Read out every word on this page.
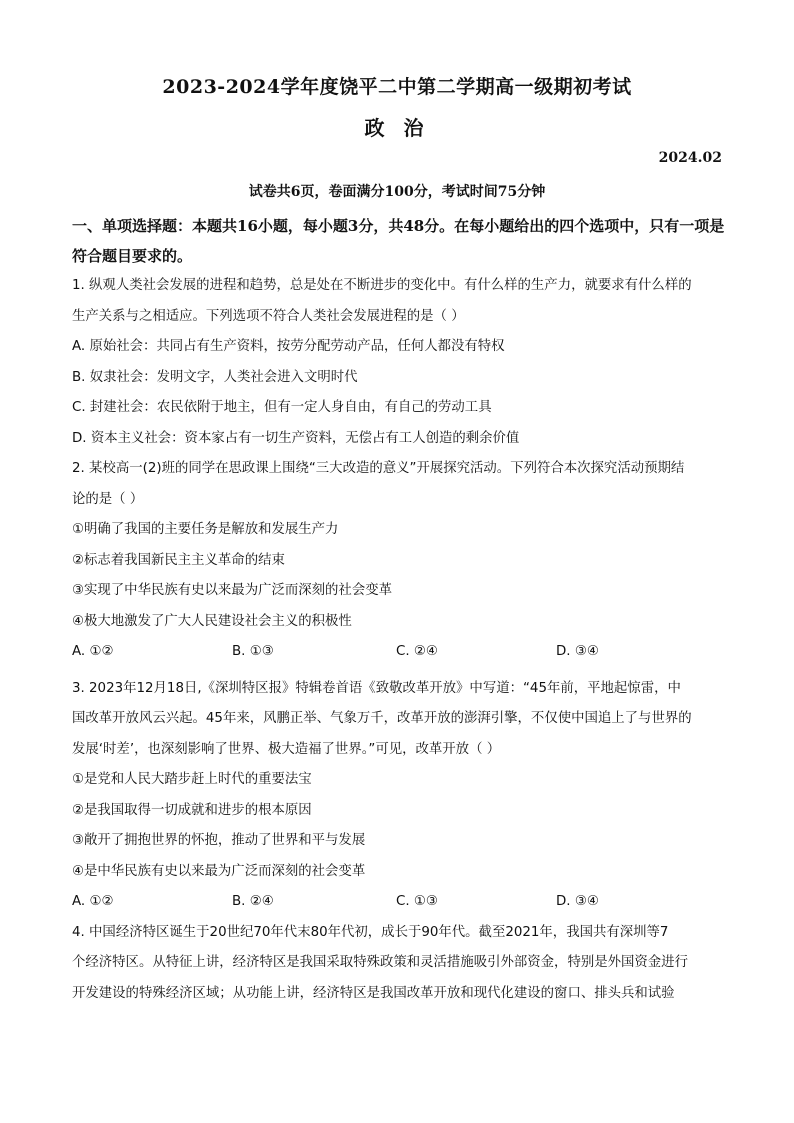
2023-2024学年度饶平二中第二学期高一级期初考试
政 治
2024.02
试卷共6页，卷面满分100分，考试时间75分钟
一、单项选择题：本题共16小题，每小题3分，共48分。在每小题给出的四个选项中，只有一项是符合题目要求的。
1. 纵观人类社会发展的进程和趋势，总是处在不断进步的变化中。有什么样的生产力，就要求有什么样的
生产关系与之相适应。下列选项不符合人类社会发展进程的是（ ）
A. 原始社会：共同占有生产资料，按劳分配劳动产品，任何人都没有特权
B. 奴隶社会：发明文字，人类社会进入文明时代
C. 封建社会：农民依附于地主，但有一定人身自由，有自己的劳动工具
D. 资本主义社会：资本家占有一切生产资料，无偿占有工人创造的剩余价值
2. 某校高一(2)班的同学在思政课上围绕“三大改造的意义”开展探究活动。下列符合本次探究活动预期结
论的是（ ）
①明确了我国的主要任务是解放和发展生产力
②标志着我国新民主主义革命的结束
③实现了中华民族有史以来最为广泛而深刻的社会变革
④极大地激发了广大人民建设社会主义的积极性
A. ①②	B. ①③	C. ②④	D. ③④
3. 2023年12月18日,《深圳特区报》特辑卷首语《致敬改革开放》中写道：“45年前，平地起惊雷，中
国改革开放风云兴起。45年来，风鹏正举、气象万千，改革开放的澎湃引擎，不仅使中国追上了与世界的
发展‘时差’，也深刻影响了世界、极大造福了世界。”可见，改革开放（ ）
①是党和人民大踏步赶上时代的重要法宝
②是我国取得一切成就和进步的根本原因
③敞开了拥抱世界的怀抱，推动了世界和平与发展
④是中华民族有史以来最为广泛而深刻的社会变革
A. ①②	B. ②④	C. ①③	D. ③④
4. 中国经济特区诞生于20世纪70年代末80年代初，成长于90年代。截至2021年，我国共有深圳等7
个经济特区。从特征上讲，经济特区是我国采取特殊政策和灵活措施吸引外部资金，特别是外国资金进行
开发建设的特殊经济区域；从功能上讲，经济特区是我国改革开放和现代化建设的窗口、排头兵和试验
